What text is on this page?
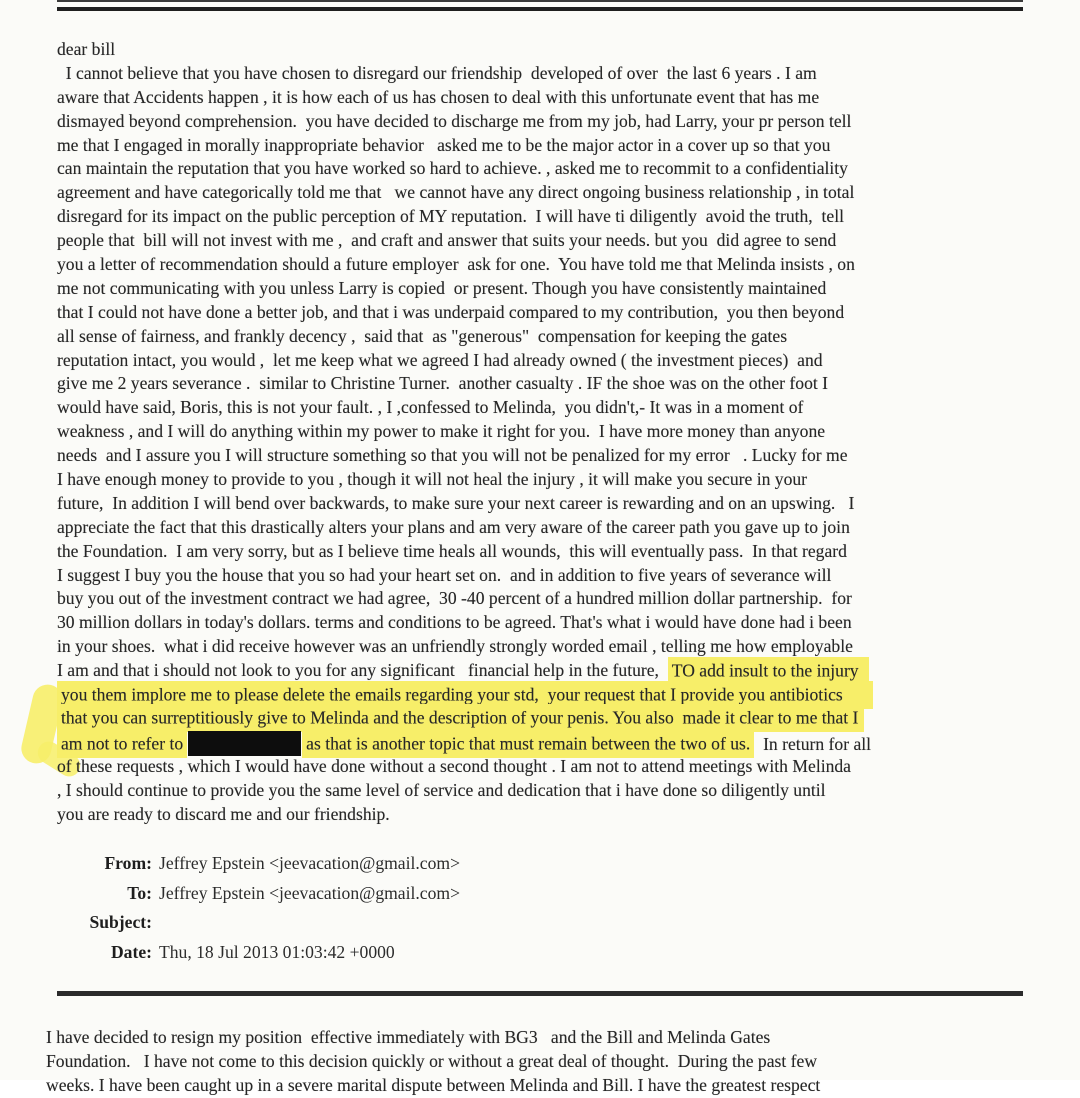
dear bill
I cannot believe that you have chosen to disregard our friendship  developed of over  the last 6 years . I am
aware that Accidents happen , it is how each of us has chosen to deal with this unfortunate event that has me
dismayed beyond comprehension.  you have decided to discharge me from my job, had Larry, your pr person tell
me that I engaged in morally inappropriate behavior   asked me to be the major actor in a cover up so that you
can maintain the reputation that you have worked so hard to achieve. , asked me to recommit to a confidentiality
agreement and have categorically told me that   we cannot have any direct ongoing business relationship , in total
disregard for its impact on the public perception of MY reputation.  I will have ti diligently  avoid the truth,  tell
people that  bill will not invest with me ,  and craft and answer that suits your needs. but you  did agree to send
you a letter of recommendation should a future employer  ask for one.  You have told me that Melinda insists , on
me not communicating with you unless Larry is copied  or present. Though you have consistently maintained
that I could not have done a better job, and that i was underpaid compared to my contribution,  you then beyond
all sense of fairness, and frankly decency ,  said that  as "generous"  compensation for keeping the gates
reputation intact, you would ,  let me keep what we agreed I had already owned ( the investment pieces)  and
give me 2 years severance .  similar to Christine Turner.  another casualty . IF the shoe was on the other foot I
would have said, Boris, this is not your fault. , I ,confessed to Melinda,  you didn't,- It was in a moment of
weakness , and I will do anything within my power to make it right for you.  I have more money than anyone
needs  and I assure you I will structure something so that you will not be penalized for my error   . Lucky for me
I have enough money to provide to you , though it will not heal the injury , it will make you secure in your
future,  In addition I will bend over backwards, to make sure your next career is rewarding and on an upswing.   I
appreciate the fact that this drastically alters your plans and am very aware of the career path you gave up to join
the Foundation.  I am very sorry, but as I believe time heals all wounds,  this will eventually pass.  In that regard
I suggest I buy you the house that you so had your heart set on.  and in addition to five years of severance will
buy you out of the investment contract we had agree,  30 -40 percent of a hundred million dollar partnership.  for
30 million dollars in today's dollars. terms and conditions to be agreed. That's what i would have done had i been
in your shoes.  what i did receive however was an unfriendly strongly worded email , telling me how employable
I am and that i should not look to you for any significant   financial help in the future,  TO add insult to the injury
you them implore me to please delete the emails regarding your std,  your request that I provide you antibiotics
that you can surreptitiously give to Melinda and the description of your penis. You also  made it clear to me that I
am not to refer to	as that is another topic that must remain between the two of us.  In return for all
of these requests , which I would have done without a second thought . I am not to attend meetings with Melinda
, I should continue to provide you the same level of service and dedication that i have done so diligently until
you are ready to discard me and our friendship.
From: Jeffrey Epstein <jeevacation@gmail.com>
To: Jeffrey Epstein <jeevacation@gmail.com>
Subject:
Date: Thu, 18 Jul 2013 01:03:42 +0000
I have decided to resign my position  effective immediately with BG3   and the Bill and Melinda Gates
Foundation.   I have not come to this decision quickly or without a great deal of thought.  During the past few
weeks. I have been caught up in a severe marital dispute between Melinda and Bill. I have the greatest respect
